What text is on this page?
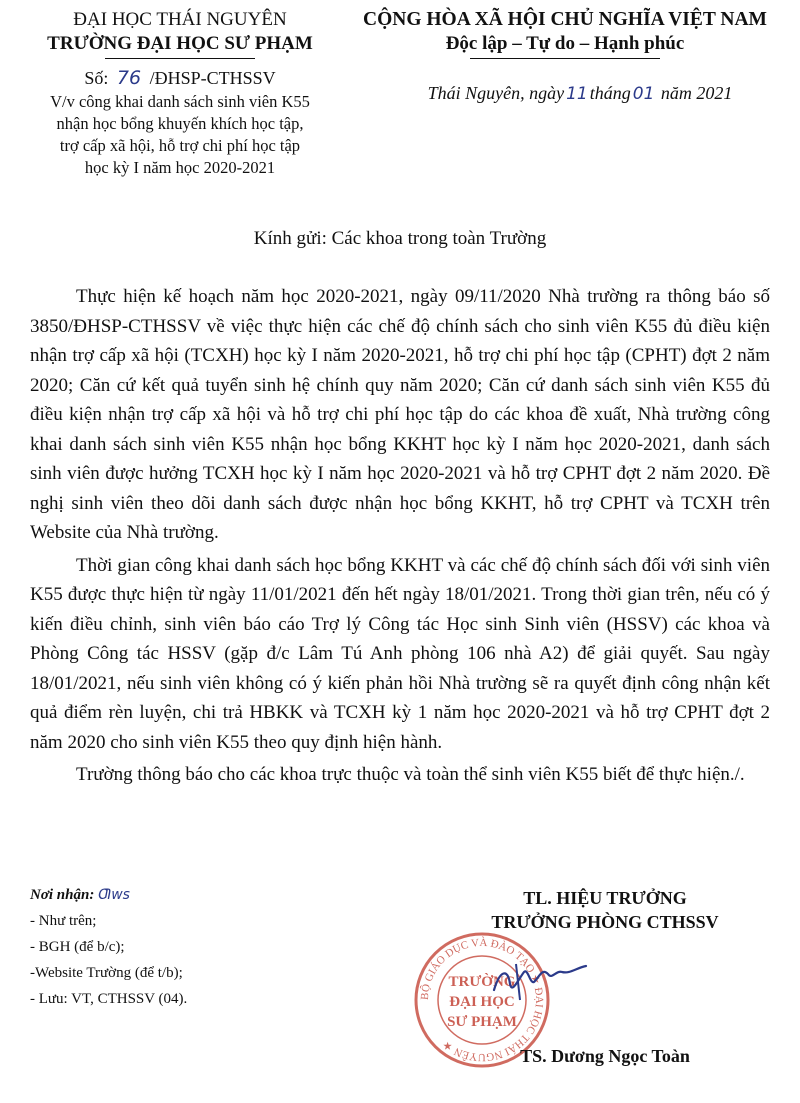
ĐẠI HỌC THÁI NGUYÊN
TRƯỜNG ĐẠI HỌC SƯ PHẠM
Số: 76 /ĐHSP-CTHSSV
V/v công khai danh sách sinh viên K55
nhận học bổng khuyến khích học tập,
trợ cấp xã hội, hỗ trợ chi phí học tập
học kỳ I năm học 2020-2021
CỘNG HÒA XÃ HỘI CHỦ NGHĨA VIỆT NAM
Độc lập – Tự do – Hạnh phúc
Thái Nguyên, ngày 11 tháng 01 năm 2021
Kính gửi: Các khoa trong toàn Trường

Thực hiện kế hoạch năm học 2020-2021, ngày 09/11/2020 Nhà trường ra thông báo số 3850/ĐHSP-CTHSSV về việc thực hiện các chế độ chính sách cho sinh viên K55 đủ điều kiện nhận trợ cấp xã hội (TCXH) học kỳ I năm 2020-2021, hỗ trợ chi phí học tập (CPHT) đợt 2 năm 2020; Căn cứ kết quả tuyển sinh hệ chính quy năm 2020; Căn cứ danh sách sinh viên K55 đủ điều kiện nhận trợ cấp xã hội và hỗ trợ chi phí học tập do các khoa đề xuất, Nhà trường công khai danh sách sinh viên K55 nhận học bổng KKHT học kỳ I năm học 2020-2021, danh sách sinh viên được hưởng TCXH học kỳ I năm học 2020-2021 và hỗ trợ CPHT đợt 2 năm 2020. Đề nghị sinh viên theo dõi danh sách được nhận học bổng KKHT, hỗ trợ CPHT và TCXH trên Website của Nhà trường.

Thời gian công khai danh sách học bổng KKHT và các chế độ chính sách đối với sinh viên K55 được thực hiện từ ngày 11/01/2021 đến hết ngày 18/01/2021. Trong thời gian trên, nếu có ý kiến điều chỉnh, sinh viên báo cáo Trợ lý Công tác Học sinh Sinh viên (HSSV) các khoa và Phòng Công tác HSSV (gặp đ/c Lâm Tú Anh phòng 106 nhà A2) để giải quyết. Sau ngày 18/01/2021, nếu sinh viên không có ý kiến phản hồi Nhà trường sẽ ra quyết định công nhận kết quả điểm rèn luyện, chi trả HBKK và TCXH kỳ 1 năm học 2020-2021 và hỗ trợ CPHT đợt 2 năm 2020 cho sinh viên K55 theo quy định hiện hành.

Trường thông báo cho các khoa trực thuộc và toàn thể sinh viên K55 biết để thực hiện./.

Nơi nhận: Ƣws
- Như trên;
- BGH (để b/c);
-Website Trường (để t/b);
- Lưu: VT, CTHSSV (04).	BỘ GIÁO DỤC VÀ ĐÀO TẠO ★ ĐẠI HỌC THÁI NGUYÊN ★
TRƯỜNG
ĐẠI HỌC
SƯ PHẠM
TL. HIỆU TRƯỞNG
TRƯỞNG PHÒNG CTHSSV
TS. Dương Ngọc Toàn
